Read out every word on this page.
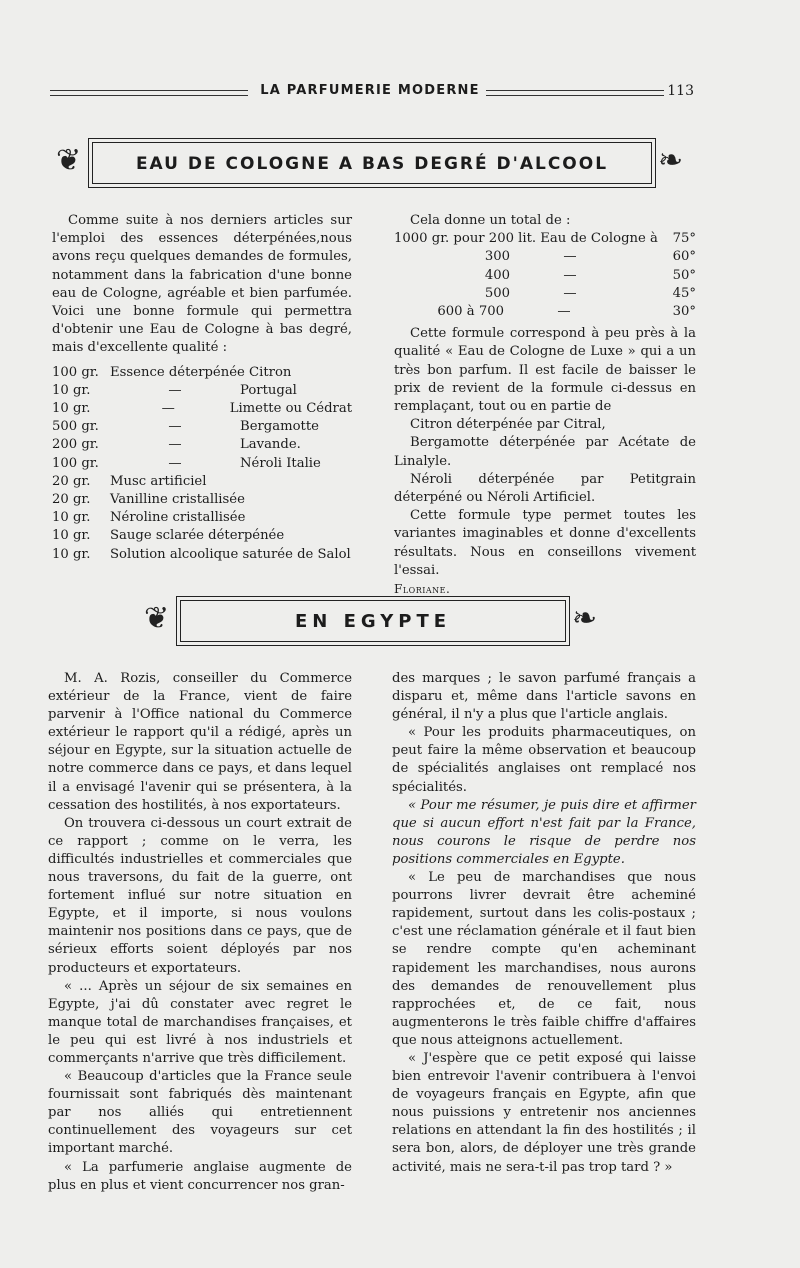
LA PARFUMERIE MODERNE	113
❦	EAU DE COLOGNE A BAS DEGRÉ D'ALCOOL	❧

Comme suite à nos derniers articles sur l'emploi des essences déterpénées,nous avons reçu quelques demandes de formules, notamment dans la fabrication d'une bonne eau de Cologne, agréable et bien parfumée. Voici une bonne formule qui permettra d'obtenir une Eau de Cologne à bas degré, mais d'excellente qualité :

100 gr. Essence déterpénée Citron
10 gr.	—	Portugal
10 gr.	—	Limette ou Cédrat
500 gr.	—	Bergamotte
200 gr.	—	Lavande.
100 gr.	—	Néroli Italie
20 gr.	Musc artificiel
20 gr.	Vanilline cristallisée
10 gr.	Néroline cristallisée
10 gr.	Sauge sclarée déterpénée
10 gr.	Solution alcoolique saturée de Salol

Cela donne un total de :

1000 gr. pour 200 lit. Eau de Cologne à	75°
300	—	60°
400	—	50°
500	—	45°
600 à 700	—	30°

Cette formule correspond à peu près à la qualité « Eau de Cologne de Luxe » qui a un très bon parfum. Il est facile de baisser le prix de revient de la formule ci-dessus en remplaçant, tout ou en partie de

Citron déterpénée par Citral,

Bergamotte déterpénée par Acétate de Linalyle.

Néroli déterpénée par Petitgrain déterpéné ou Néroli Artificiel.

Cette formule type permet toutes les variantes imaginables et donne d'excellents résultats. Nous en conseillons vivement l'essai.

Floriane.

❦	EN EGYPTE	❧

M. A. Rozis, conseiller du Commerce extérieur de la France, vient de faire parvenir à l'Office national du Commerce extérieur le rapport qu'il a rédigé, après un séjour en Egypte, sur la situation actuelle de notre commerce dans ce pays, et dans lequel il a envisagé l'avenir qui se présentera, à la cessation des hostilités, à nos exportateurs.

On trouvera ci-dessous un court extrait de ce rapport ; comme on le verra, les difficultés industrielles et commerciales que nous traversons, du fait de la guerre, ont fortement influé sur notre situation en Egypte, et il importe, si nous voulons maintenir nos positions dans ce pays, que de sérieux efforts soient déployés par nos producteurs et exportateurs.

« ... Après un séjour de six semaines en Egypte, j'ai dû constater avec regret le manque total de marchandises françaises, et le peu qui est livré à nos industriels et commerçants n'arrive que très difficilement.

« Beaucoup d'articles que la France seule fournissait sont fabriqués dès maintenant par nos alliés qui entretiennent continuellement des voyageurs sur cet important marché.

« La parfumerie anglaise augmente de plus en plus et vient concurrencer nos gran-

des marques ; le savon parfumé français a disparu et, même dans l'article savons en général, il n'y a plus que l'article anglais.

« Pour les produits pharmaceutiques, on peut faire la même observation et beaucoup de spécialités anglaises ont remplacé nos spécialités.

« Pour me résumer, je puis dire et affirmer que si aucun effort n'est fait par la France, nous courons le risque de perdre nos positions commerciales en Egypte.

« Le peu de marchandises que nous pourrons livrer devrait être acheminé rapidement, surtout dans les colis-postaux ; c'est une réclamation générale et il faut bien se rendre compte qu'en acheminant rapidement les marchandises, nous aurons des demandes de renouvellement plus rapprochées et, de ce fait, nous augmenterons le très faible chiffre d'affaires que nous atteignons actuellement.

« J'espère que ce petit exposé qui laisse bien entrevoir l'avenir contribuera à l'envoi de voyageurs français en Egypte, afin que nous puissions y entretenir nos anciennes relations en attendant la fin des hostilités ; il sera bon, alors, de déployer une très grande activité, mais ne sera-t-il pas trop tard ? »
